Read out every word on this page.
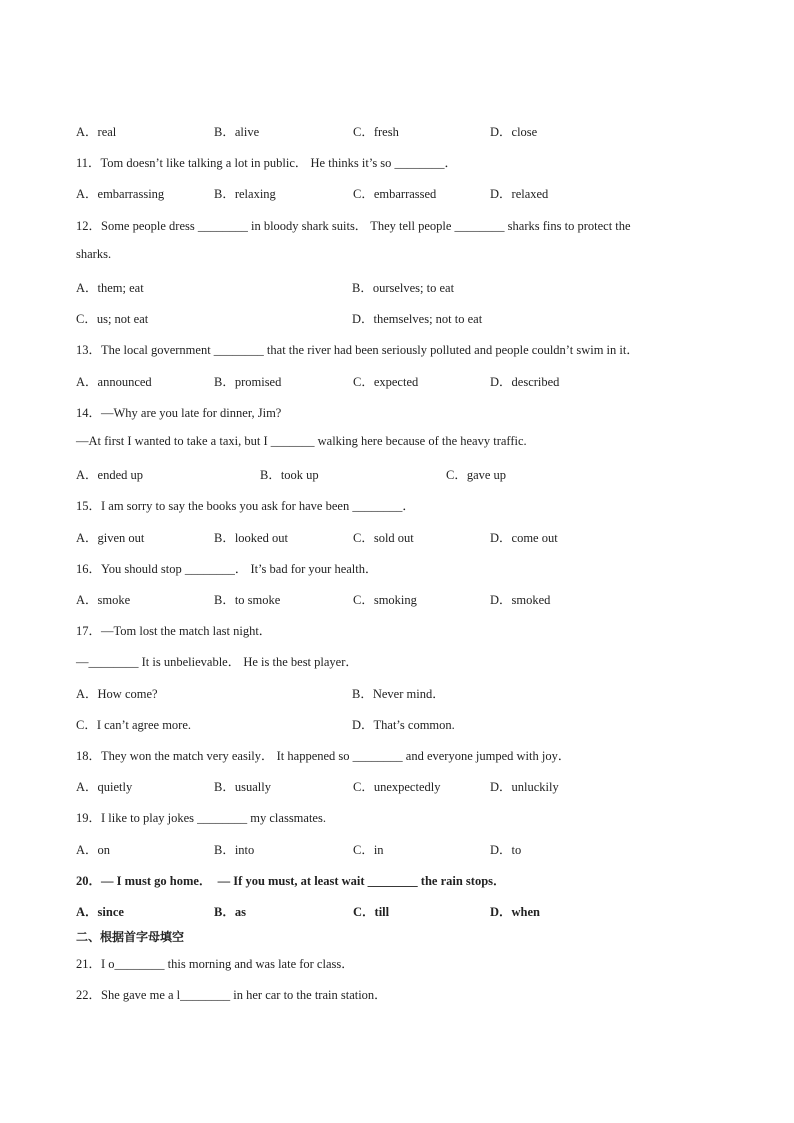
A．real	B．alive	C．fresh	D．close
11．Tom doesn’t like talking a lot in public． He thinks it’s so ________．
A．embarrassing	B．relaxing	C．embarrassed	D．relaxed
12．Some people dress ________ in bloody shark suits． They tell people ________ sharks fins to protect the
sharks.
A．them; eat	B．ourselves; to eat
C．us; not eat	D．themselves; not to eat
13．The local government ________ that the river had been seriously polluted and people couldn’t swim in it．
A．announced	B．promised	C．expected	D．described
14．—Why are you late for dinner, Jim?
—At first I wanted to take a taxi, but I _______ walking here because of the heavy traffic.
A．ended up	B．took up	C．gave up
15．I am sorry to say the books you ask for have been ________．
A．given out	B．looked out	C．sold out	D．come out
16．You should stop ________． It’s bad for your health．
A．smoke	B．to smoke	C．smoking	D．smoked
17．—Tom lost the match last night．
—________ It is unbelievable． He is the best player．
A．How come?	B．Never mind．
C．I can’t agree more.	D．That’s common.
18．They won the match very easily． It happened so ________ and everyone jumped with joy．
A．quietly	B．usually	C．unexpectedly	D．unluckily
19．I like to play jokes ________ my classmates.
A．on	B．into	C．in	D．to
20．— I must go home．  — If you must, at least wait ________ the rain stops．
A．since	B．as	C．till	D．when
二、根据首字母填空
21．I o________ this morning and was late for class．
22．She gave me a l________ in her car to the train station．
